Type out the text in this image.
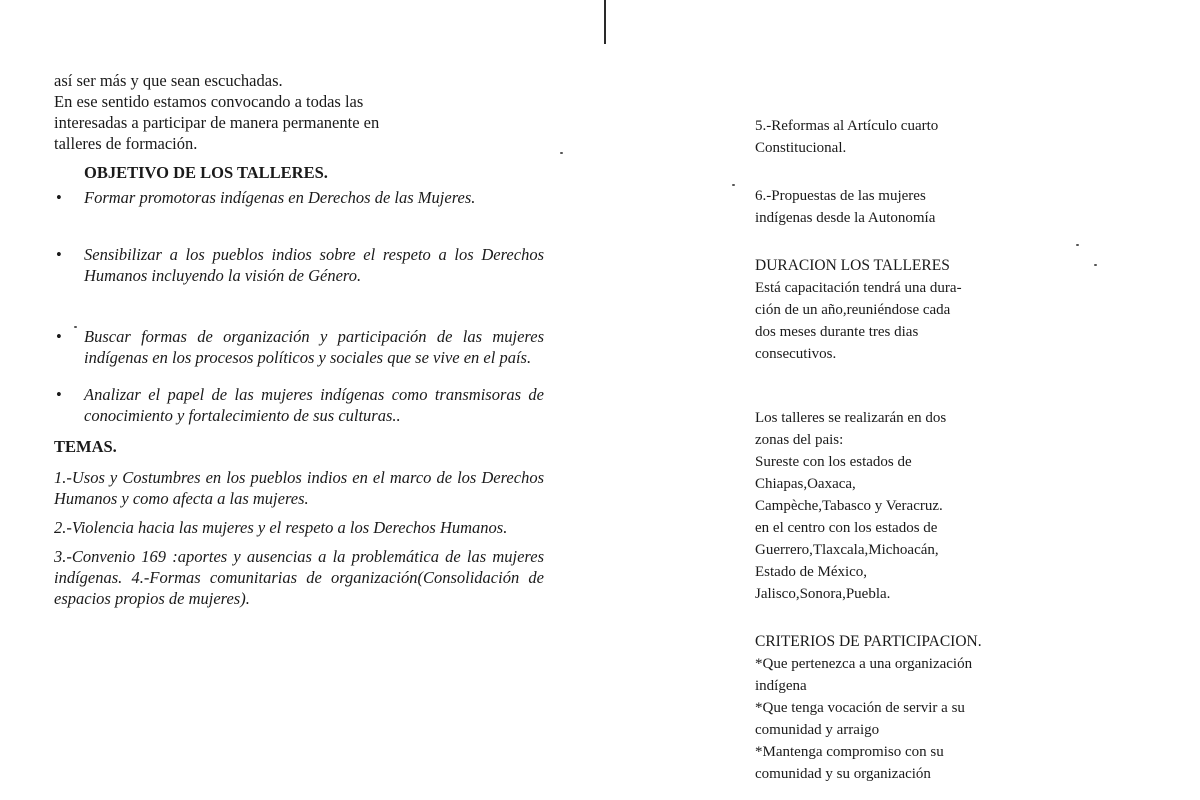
así ser más y que sean escuchadas.

En ese sentido estamos convocando a todas las

interesadas a participar de manera permanente en

talleres de formación.

OBJETIVO DE LOS TALLERES.

• Formar promotoras indígenas en Derechos de las Mujeres.
• Sensibilizar a los pueblos indios sobre el respeto a los Derechos Humanos incluyendo la visión de Género.
• Buscar formas de organización y participación de las mujeres indígenas en los procesos políticos y sociales que se vive en el país.
• Analizar el papel de las mujeres indígenas como transmisoras de conocimiento y fortalecimiento de sus culturas..

TEMAS.

1.-Usos y Costumbres en los pueblos indios en el marco de los Derechos Humanos y como afecta a las mujeres.

2.-Violencia hacia las mujeres y el respeto a los Derechos Humanos.

3.-Convenio 169 :aportes y ausencias a la problemática de las mujeres indígenas. 4.-Formas comunitarias de organización(Consolidación de espacios propios de mujeres).

5.-Reformas al Artículo cuarto

Constitucional.

6.-Propuestas de las mujeres

indígenas desde la Autonomía

DURACION LOS TALLERES

Está capacitación tendrá una dura-

ción de un año,reuniéndose cada

dos meses durante tres dias

consecutivos.

Los talleres se realizarán en dos

zonas del pais:

Sureste con los estados de

Chiapas,Oaxaca,

Campèche,Tabasco y Veracruz.

en el centro con los estados de

Guerrero,Tlaxcala,Michoacán,

Estado de México,

Jalisco,Sonora,Puebla.

CRITERIOS DE PARTICIPACION.

*Que pertenezca a una organización

indígena

*Que tenga vocación de servir a su

comunidad y arraigo

*Mantenga compromiso con su

comunidad y su organización
